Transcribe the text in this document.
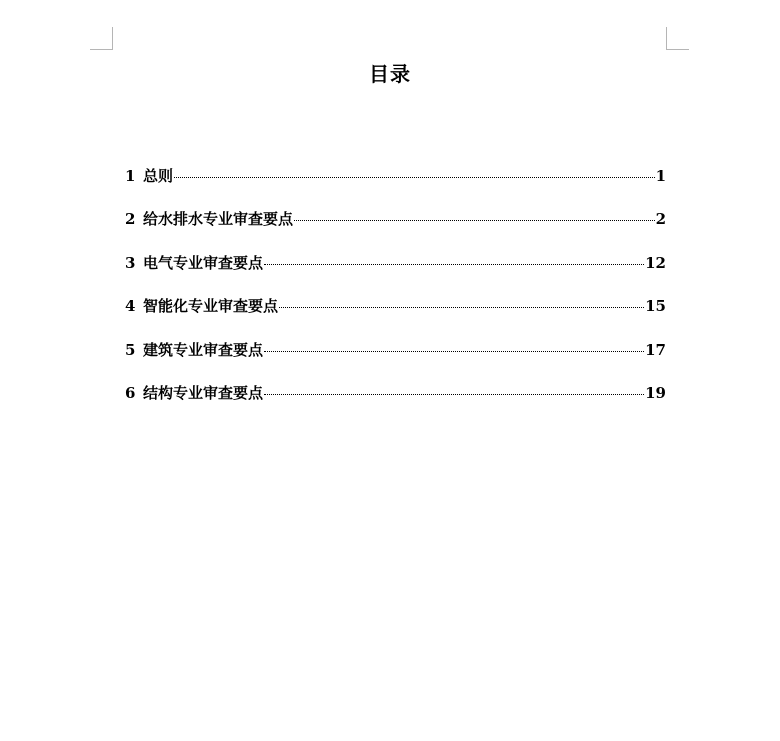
目录
1 总则	1
2 给水排水专业审查要点	2
3 电气专业审查要点	12
4 智能化专业审查要点	15
5 建筑专业审查要点	17
6 结构专业审查要点	19
